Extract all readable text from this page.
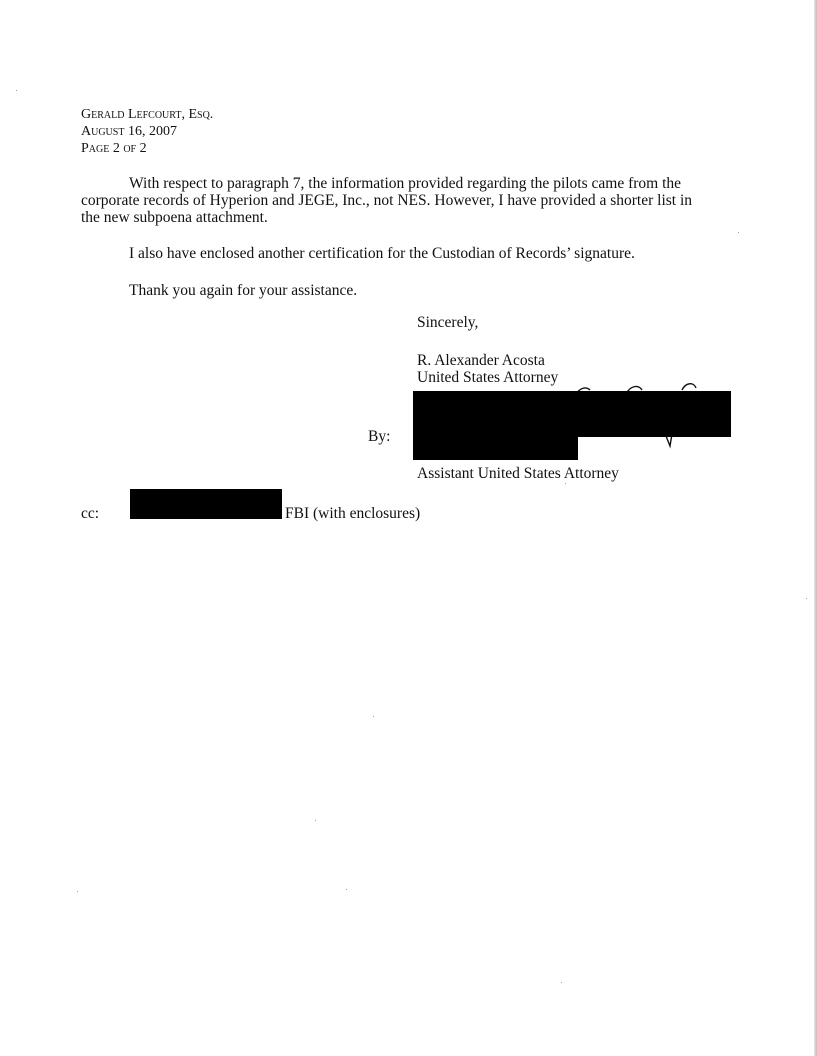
Gerald Lefcourt, Esq.
August 16, 2007
Page 2 of 2
With respect to paragraph 7, the information provided regarding the pilots came from the
corporate records of Hyperion and JEGE, Inc., not NES. However, I have provided a shorter list in
the new subpoena attachment.
I also have enclosed another certification for the Custodian of Records’ signature.
Thank you again for your assistance.
Sincerely,
R. Alexander Acosta
United States Attorney
By:
Assistant United States Attorney
cc:	FBI (with enclosures)
